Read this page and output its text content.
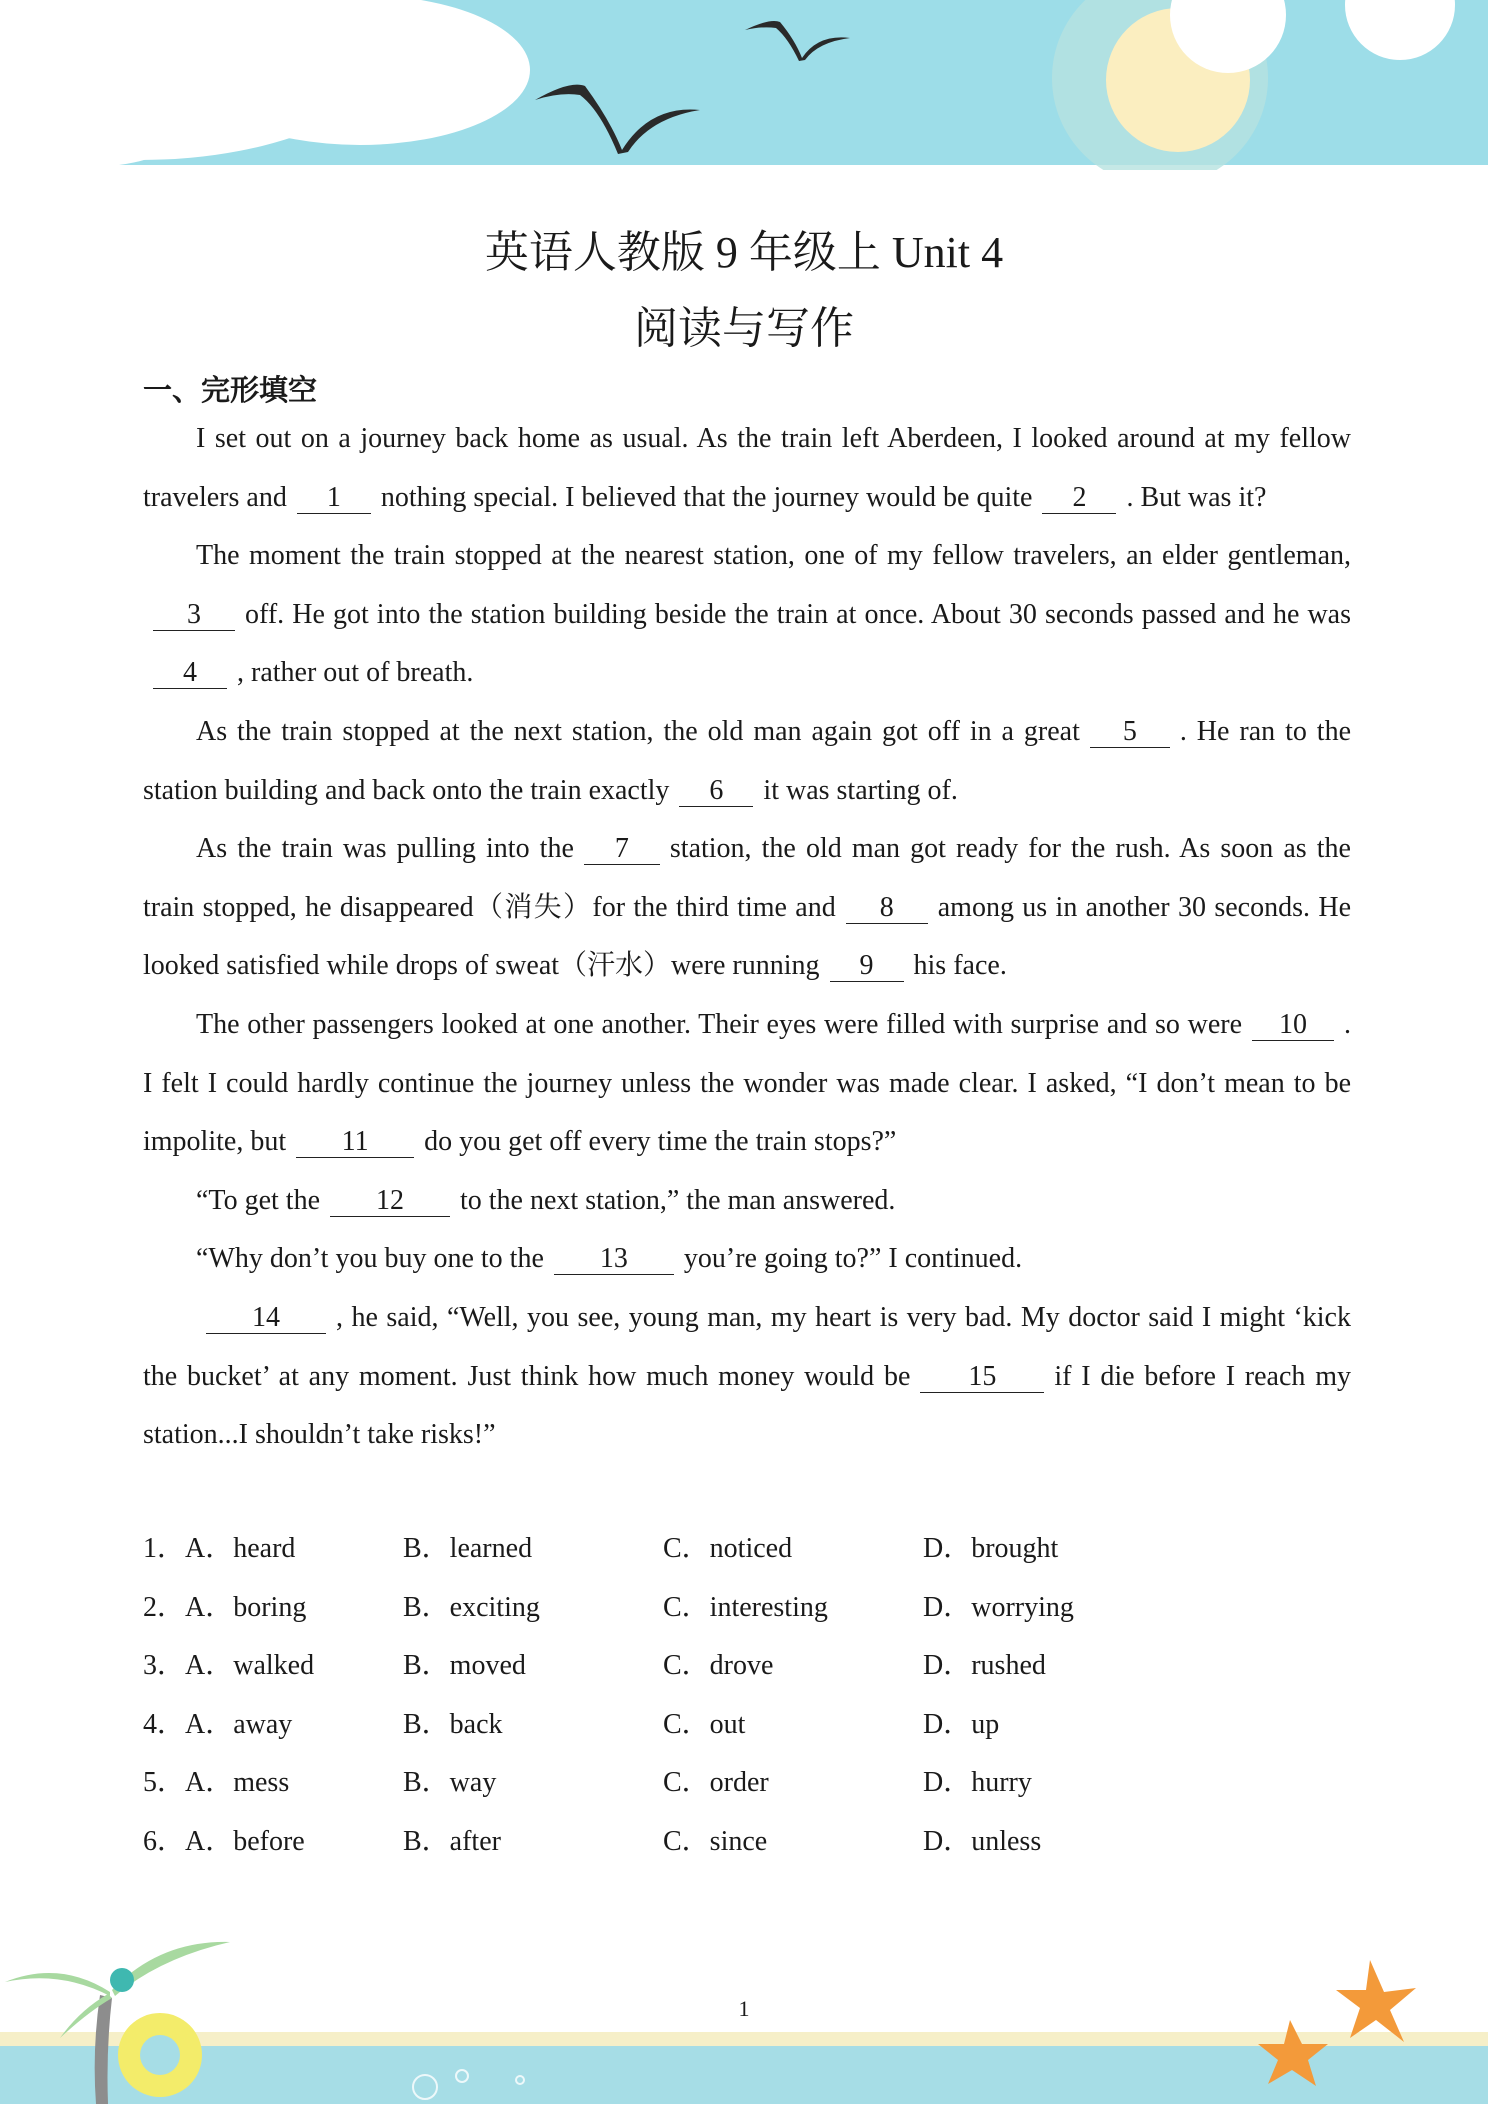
英语人教版 9 年级上 Unit 4
阅读与写作
一、完形填空

I set out on a journey back home as usual. As the train left Aberdeen, I looked around at my fellow travelers and 1 nothing special. I believed that the journey would be quite 2 . But was it?

The moment the train stopped at the nearest station, one of my fellow travelers, an elder gentleman,3 off. He got into the station building beside the train at once. About 30 seconds passed and he was4 , rather out of breath.

As the train stopped at the next station, the old man again got off in a great 5 . He ran to the station building and back onto the train exactly 6 it was starting of.

As the train was pulling into the 7 station, the old man got ready for the rush. As soon as the train stopped, he disappeared（消失）for the third time and 8 among us in another 30 seconds. He looked satisfied while drops of sweat（汗水）were running 9 his face.

The other passengers looked at one another. Their eyes were filled with surprise and so were 10 . I felt I could hardly continue the journey unless the wonder was made clear. I asked, “I don’t mean to be impolite, but 11 do you get off every time the train stops?”

“To get the 12 to the next station,” the man answered.

“Why don’t you buy one to the 13 you’re going to?” I continued.

14 , he said, “Well, you see, young man, my heart is very bad. My doctor said I might ‘kick the bucket’ at any moment. Just think how much money would be 15 if I die before I reach my station...I shouldn’t take risks!”

1．A．heard	B．learned	C．noticed	D．brought
2．A．boring	B．exciting	C．interesting	D．worrying
3．A．walked	B．moved	C．drove	D．rushed
4．A．away	B．back	C．out	D．up
5．A．mess	B．way	C．order	D．hurry
6．A．before	B．after	C．since	D．unless
1
